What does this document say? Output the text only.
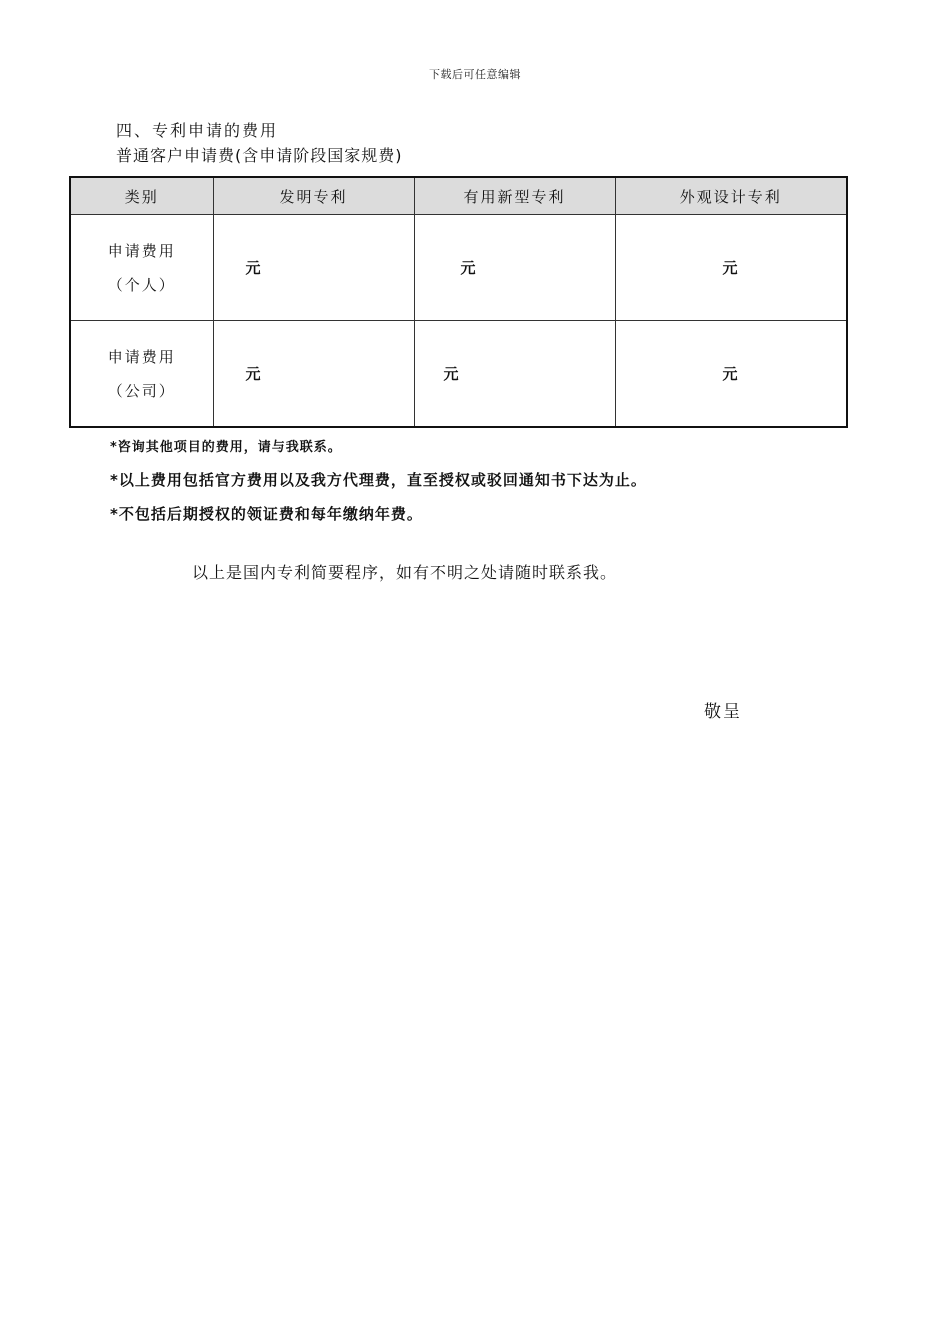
下载后可任意编辑
四、专利申请的费用
普通客户申请费(含申请阶段国家规费)
类别	发明专利	有用新型专利	外观设计专利

申请费用
（个人）	元	元	元

申请费用
（公司）	元	元	元
*咨询其他项目的费用，请与我联系。
*以上费用包括官方费用以及我方代理费，直至授权或驳回通知书下达为止。
*不包括后期授权的领证费和每年缴纳年费。
以上是国内专利简要程序，如有不明之处请随时联系我。
敬呈
